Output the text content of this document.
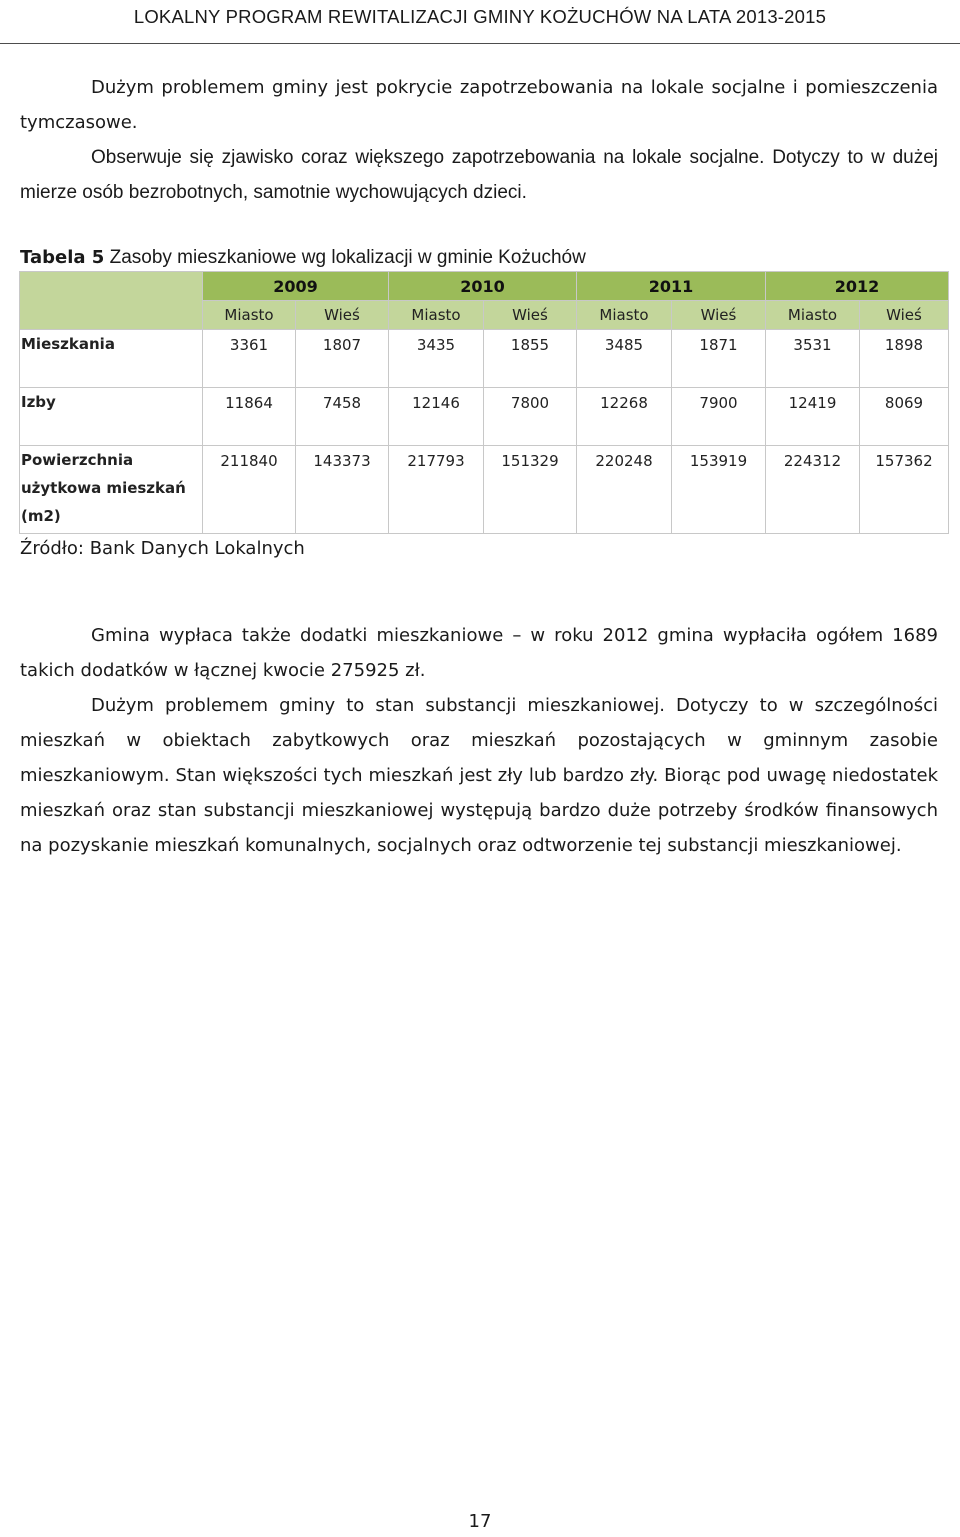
LOKALNY PROGRAM REWITALIZACJI GMINY KOŻUCHÓW NA LATA 2013-2015

Dużym problemem gminy jest pokrycie zapotrzebowania na lokale socjalne i pomieszczenia tymczasowe.

Obserwuje się zjawisko coraz większego zapotrzebowania na lokale socjalne. Dotyczy to w dużej mierze osób bezrobotnych, samotnie wychowujących dzieci.

Tabela 5 Zasoby mieszkaniowe wg lokalizacji w gminie Kożuchów

	2009		2010		2011		2012	
	Miasto	Wieś	Miasto	Wieś	Miasto	Wieś	Miasto	Wieś
Mieszkania	3361	1807	3435	1855	3485	1871	3531	1898
Izby	11864	7458	12146	7800	12268	7900	12419	8069
Powierzchnia użytkowa mieszkań (m2)	211840	143373	217793	151329	220248	153919	224312	157362

Źródło: Bank Danych Lokalnych

Gmina wypłaca także dodatki mieszkaniowe – w roku 2012 gmina wypłaciła ogółem 1689 takich dodatków w łącznej kwocie 275925 zł.

Dużym problemem gminy to stan substancji mieszkaniowej. Dotyczy to w szczególności mieszkań w obiektach zabytkowych oraz mieszkań pozostających w gminnym zasobie mieszkaniowym. Stan większości tych mieszkań jest zły lub bardzo zły. Biorąc pod uwagę niedostatek mieszkań oraz stan substancji mieszkaniowej występują bardzo duże potrzeby środków finansowych na pozyskanie mieszkań komunalnych, socjalnych oraz odtworzenie tej substancji mieszkaniowej.

17
